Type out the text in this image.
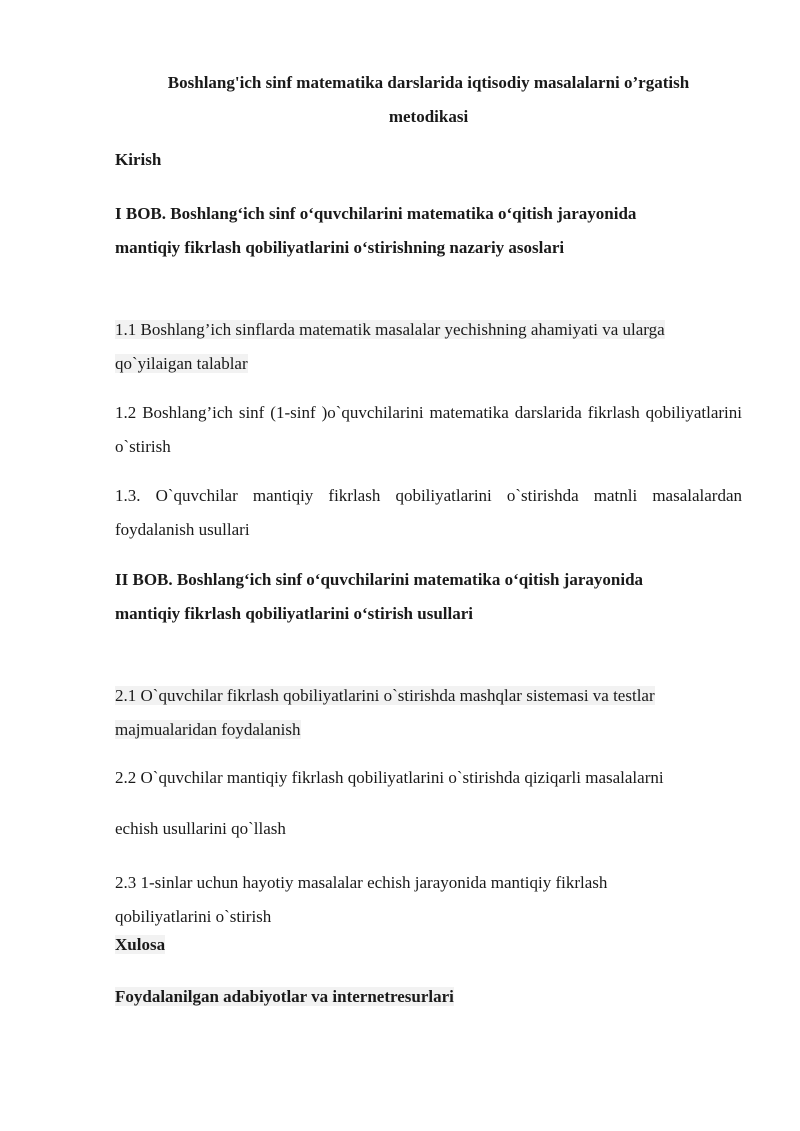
Boshlang'ich sinf matematika darslarida iqtisodiy masalalarni o’rgatish
metodikasi
Kirish
I BOB. Boshlang‘ich sinf o‘quvchilarini matematika o‘qitish jarayonida
mantiqiy fikrlash qobiliyatlarini o‘stirishning nazariy asoslari
1.1 Boshlang’ich sinflarda matematik masalalar yechishning ahamiyati va ularga
qo`yilaigan talablar
1.2 Boshlang’ich sinf (1-sinf )o`quvchilarini matematika darslarida fikrlash qobiliyatlarini o`stirish
1.3. O`quvchilar mantiqiy fikrlash qobiliyatlarini o`stirishda matnli masalalardan foydalanish usullari
II BOB. Boshlang‘ich sinf o‘quvchilarini matematika o‘qitish jarayonida
mantiqiy fikrlash qobiliyatlarini o‘stirish usullari
2.1 O`quvchilar fikrlash qobiliyatlarini o`stirishda mashqlar sistemasi va testlar
majmualaridan foydalanish
2.2 O`quvchilar mantiqiy fikrlash qobiliyatlarini o`stirishda qiziqarli masalalarni
echish usullarini qo`llash
2.3 1-sinlar uchun hayotiy masalalar echish jarayonida mantiqiy fikrlash
qobiliyatlarini o`stirish
Xulosa
Foydalanilgan adabiyotlar va internetresurlari
